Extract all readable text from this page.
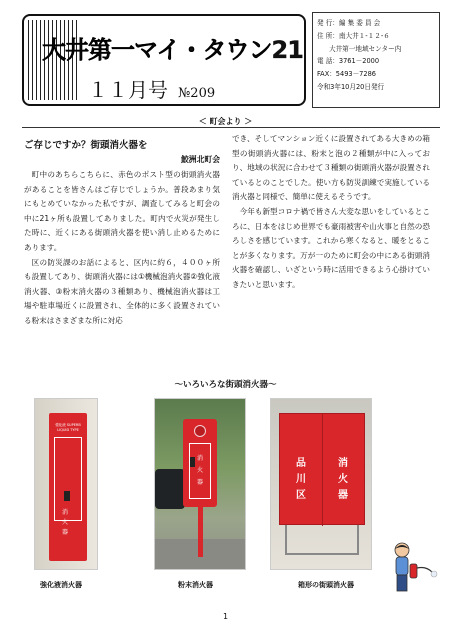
大井第一マイ・タウン21
１１月号 №209
発 行：編 集 委 員 会
住 所：南大井１-１２-６
大井第一地域センター内
電 話：3761－2000
FAX：5493－7286
令和3年10月20日発行
＜ 町会より ＞
ご存じですか？街頭消火器を
鮫洲北町会

町中のあちらこちらに、赤色のポスト型の街頭消火器があることを皆さんはご存じでしょうか。普段あまり気にもとめていなかった私ですが、調査してみると町会の中に21ヶ所も設置してありました。町内で火災が発生した時に、近くにある街頭消火器を使い消し止めるためにあります。

区の防災課のお話によると、区内に約６，４００ヶ所も設置してあり、街頭消火器には①機械泡消火器②強化液消火器、③粉末消火器の３種類あり、機械泡消火器は工場や駐車場近くに設置され、全体的に多く設置されている粉末はさまざまな所に対応

でき、そしてマンション近くに設置されてある大きめの箱型の街頭消火器には、粉末と泡の２種類が中に入っており、地域の状況に合わせて３種類の街頭消火器が設置されているとのことでした。使い方も防災訓練で実施している消火器と同様で、簡単に使えるそうです。

今年も新型コロナ禍で皆さん大変な思いをしているところに、日本をはじめ世界でも豪雨被害や山火事と自然の恐ろしさを感じています。これから寒くなると、暖をとることが多くなります。万が一のために町会の中にある街頭消火器を確認し、いざという時に活用できるよう心掛けていきたいと思います。

～いろいろな街頭消火器～
強化液 SUPERB LIQUID TYPE
消
火
器
消
火
器
品
川
区
消
火
器
強化液消火器	粉末消火器	箱形の街頭消火器
1
